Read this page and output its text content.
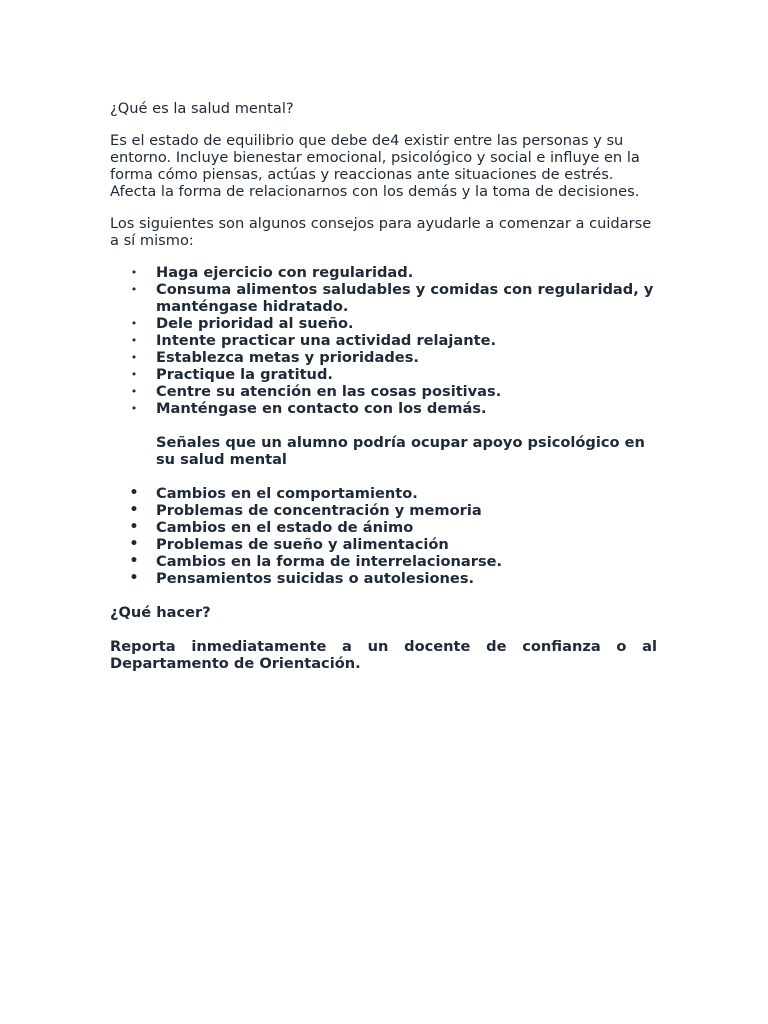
¿Qué es la salud mental?

Es el estado de equilibrio que debe de4 existir entre las personas y su entorno. Incluye bienestar emocional, psicológico y social e influye en la forma cómo piensas, actúas y reaccionas ante situaciones de estrés. Afecta la forma de relacionarnos con los demás y la toma de decisiones.

Los siguientes son algunos consejos para ayudarle a comenzar a cuidarse a sí mismo:

• Haga ejercicio con regularidad.
• Consuma alimentos saludables y comidas con regularidad, y manténgase hidratado.
• Dele prioridad al sueño.
• Intente practicar una actividad relajante.
• Establezca metas y prioridades.
• Practique la gratitud.
• Centre su atención en las cosas positivas.
• Manténgase en contacto con los demás.

Señales que un alumno podría ocupar apoyo psicológico en su salud mental

• Cambios en el comportamiento.
• Problemas de concentración y memoria
• Cambios en el estado de ánimo
• Problemas de sueño y alimentación
• Cambios en la forma de interrelacionarse.
• Pensamientos suicidas o autolesiones.

¿Qué hacer?

Reporta inmediatamente a un docente de confianza o al Departamento de Orientación.
